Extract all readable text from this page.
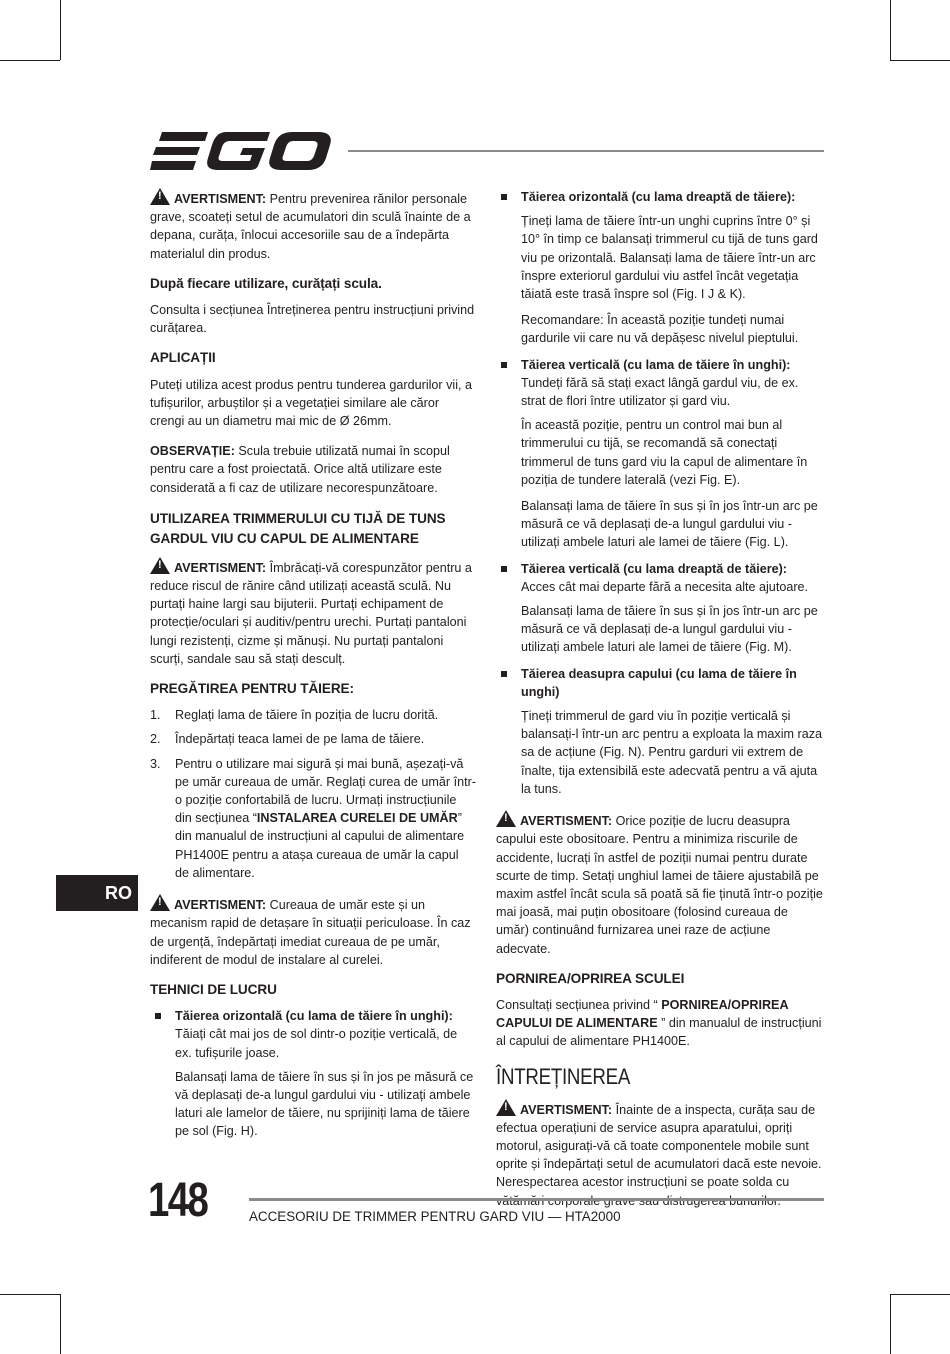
!AVERTISMENT: Pentru prevenirea rănilor personale grave, scoateți setul de acumulatori din sculă înainte de a depana, curăța, înlocui accesoriile sau de a îndepărta materialul din produs.

După fiecare utilizare, curățați scula.

Consulta i secțiunea Întreținerea pentru instrucțiuni privind curățarea.

APLICAȚII

Puteți utiliza acest produs pentru tunderea gardurilor vii, a tufișurilor, arbuștilor și a vegetației similare ale căror crengi au un diametru mai mic de Ø 26mm.

OBSERVAȚIE: Scula trebuie utilizată numai în scopul pentru care a fost proiectată. Orice altă utilizare este considerată a fi caz de utilizare necorespunzătoare.

UTILIZAREA TRIMMERULUI CU TIJĂ DE TUNS GARDUL VIU CU CAPUL DE ALIMENTARE

!AVERTISMENT: Îmbrăcați-vă corespunzător pentru a reduce riscul de rănire când utilizați această sculă. Nu purtați haine largi sau bijuterii. Purtați echipament de protecție/oculari și auditiv/pentru urechi. Purtați pantaloni lungi rezistenți, cizme și mănuși. Nu purtați pantaloni scurți, sandale sau să stați desculț.

PREGĂTIREA PENTRU TĂIERE:
1. Reglați lama de tăiere în poziția de lucru dorită.
2. Îndepărtați teaca lamei de pe lama de tăiere.
3. Pentru o utilizare mai sigură și mai bună, așezați-vă pe umăr cureaua de umăr. Reglați curea de umăr într-o poziție confortabilă de lucru. Urmați instrucțiunile din secțiunea “INSTALAREA CURELEI DE UMĂR” din manualul de instrucțiuni al capului de alimentare PH1400E pentru a atașa cureaua de umăr la capul de alimentare.

!AVERTISMENT: Cureaua de umăr este și un mecanism rapid de detașare în situații periculoase. În caz de urgență, îndepărtați imediat cureaua de pe umăr, indiferent de modul de instalare al curelei.

TEHNICI DE LUCRU
Tăierea orizontală (cu lama de tăiere în unghi): Tăiați cât mai jos de sol dintr-o poziție verticală, de ex. tufișurile joase.
Balansați lama de tăiere în sus și în jos pe măsură ce vă deplasați de-a lungul gardului viu - utilizați ambele laturi ale lamelor de tăiere, nu sprijiniți lama de tăiere pe sol (Fig. H).
Tăierea orizontală (cu lama dreaptă de tăiere):
Țineți lama de tăiere într-un unghi cuprins între 0° și 10° în timp ce balansați trimmerul cu tijă de tuns gard viu pe orizontală. Balansați lama de tăiere într-un arc înspre exteriorul gardului viu astfel încât vegetația tăiată este trasă înspre sol (Fig. I J & K).
Recomandare: În această poziție tundeți numai gardurile vii care nu vă depășesc nivelul pieptului.
Tăierea verticală (cu lama de tăiere în unghi): Tundeți fără să stați exact lângă gardul viu, de ex. strat de flori între utilizator și gard viu.
În această poziție, pentru un control mai bun al trimmerului cu tijă, se recomandă să conectați trimmerul de tuns gard viu la capul de alimentare în poziția de tundere laterală (vezi Fig. E).
Balansați lama de tăiere în sus și în jos într-un arc pe măsură ce vă deplasați de-a lungul gardului viu - utilizați ambele laturi ale lamei de tăiere (Fig. L).
Tăierea verticală (cu lama dreaptă de tăiere): Acces cât mai departe fără a necesita alte ajutoare.
Balansați lama de tăiere în sus și în jos într-un arc pe măsură ce vă deplasați de-a lungul gardului viu - utilizați ambele laturi ale lamei de tăiere (Fig. M).
Tăierea deasupra capului (cu lama de tăiere în unghi)
Țineți trimmerul de gard viu în poziție verticală și balansați-l într-un arc pentru a exploata la maxim raza sa de acțiune (Fig. N). Pentru garduri vii extrem de înalte, tija extensibilă este adecvată pentru a vă ajuta la tuns.

!AVERTISMENT: Orice poziție de lucru deasupra capului este obositoare. Pentru a minimiza riscurile de accidente, lucrați în astfel de poziții numai pentru durate scurte de timp. Setați unghiul lamei de tăiere ajustabilă pe maxim astfel încât scula să poată să fie ținută într-o poziție mai joasă, mai puțin obositoare (folosind cureaua de umăr) continuând furnizarea unei raze de acțiune adecvate.

PORNIREA/OPRIREA SCULEI

Consultați secțiunea privind “ PORNIREA/OPRIREA CAPULUI DE ALIMENTARE ” din manualul de instrucțiuni al capului de alimentare PH1400E.

ÎNTREȚINEREA

!AVERTISMENT: Înainte de a inspecta, curăța sau de efectua operațiuni de service asupra aparatului, opriți motorul, asigurați-vă că toate componentele mobile sunt oprite și îndepărtați setul de acumulatori dacă este nevoie. Nerespectarea acestor instrucțiuni se poate solda cu

RO
148	ACCESORIU DE TRIMMER PENTRU GARD VIU — HTA2000
